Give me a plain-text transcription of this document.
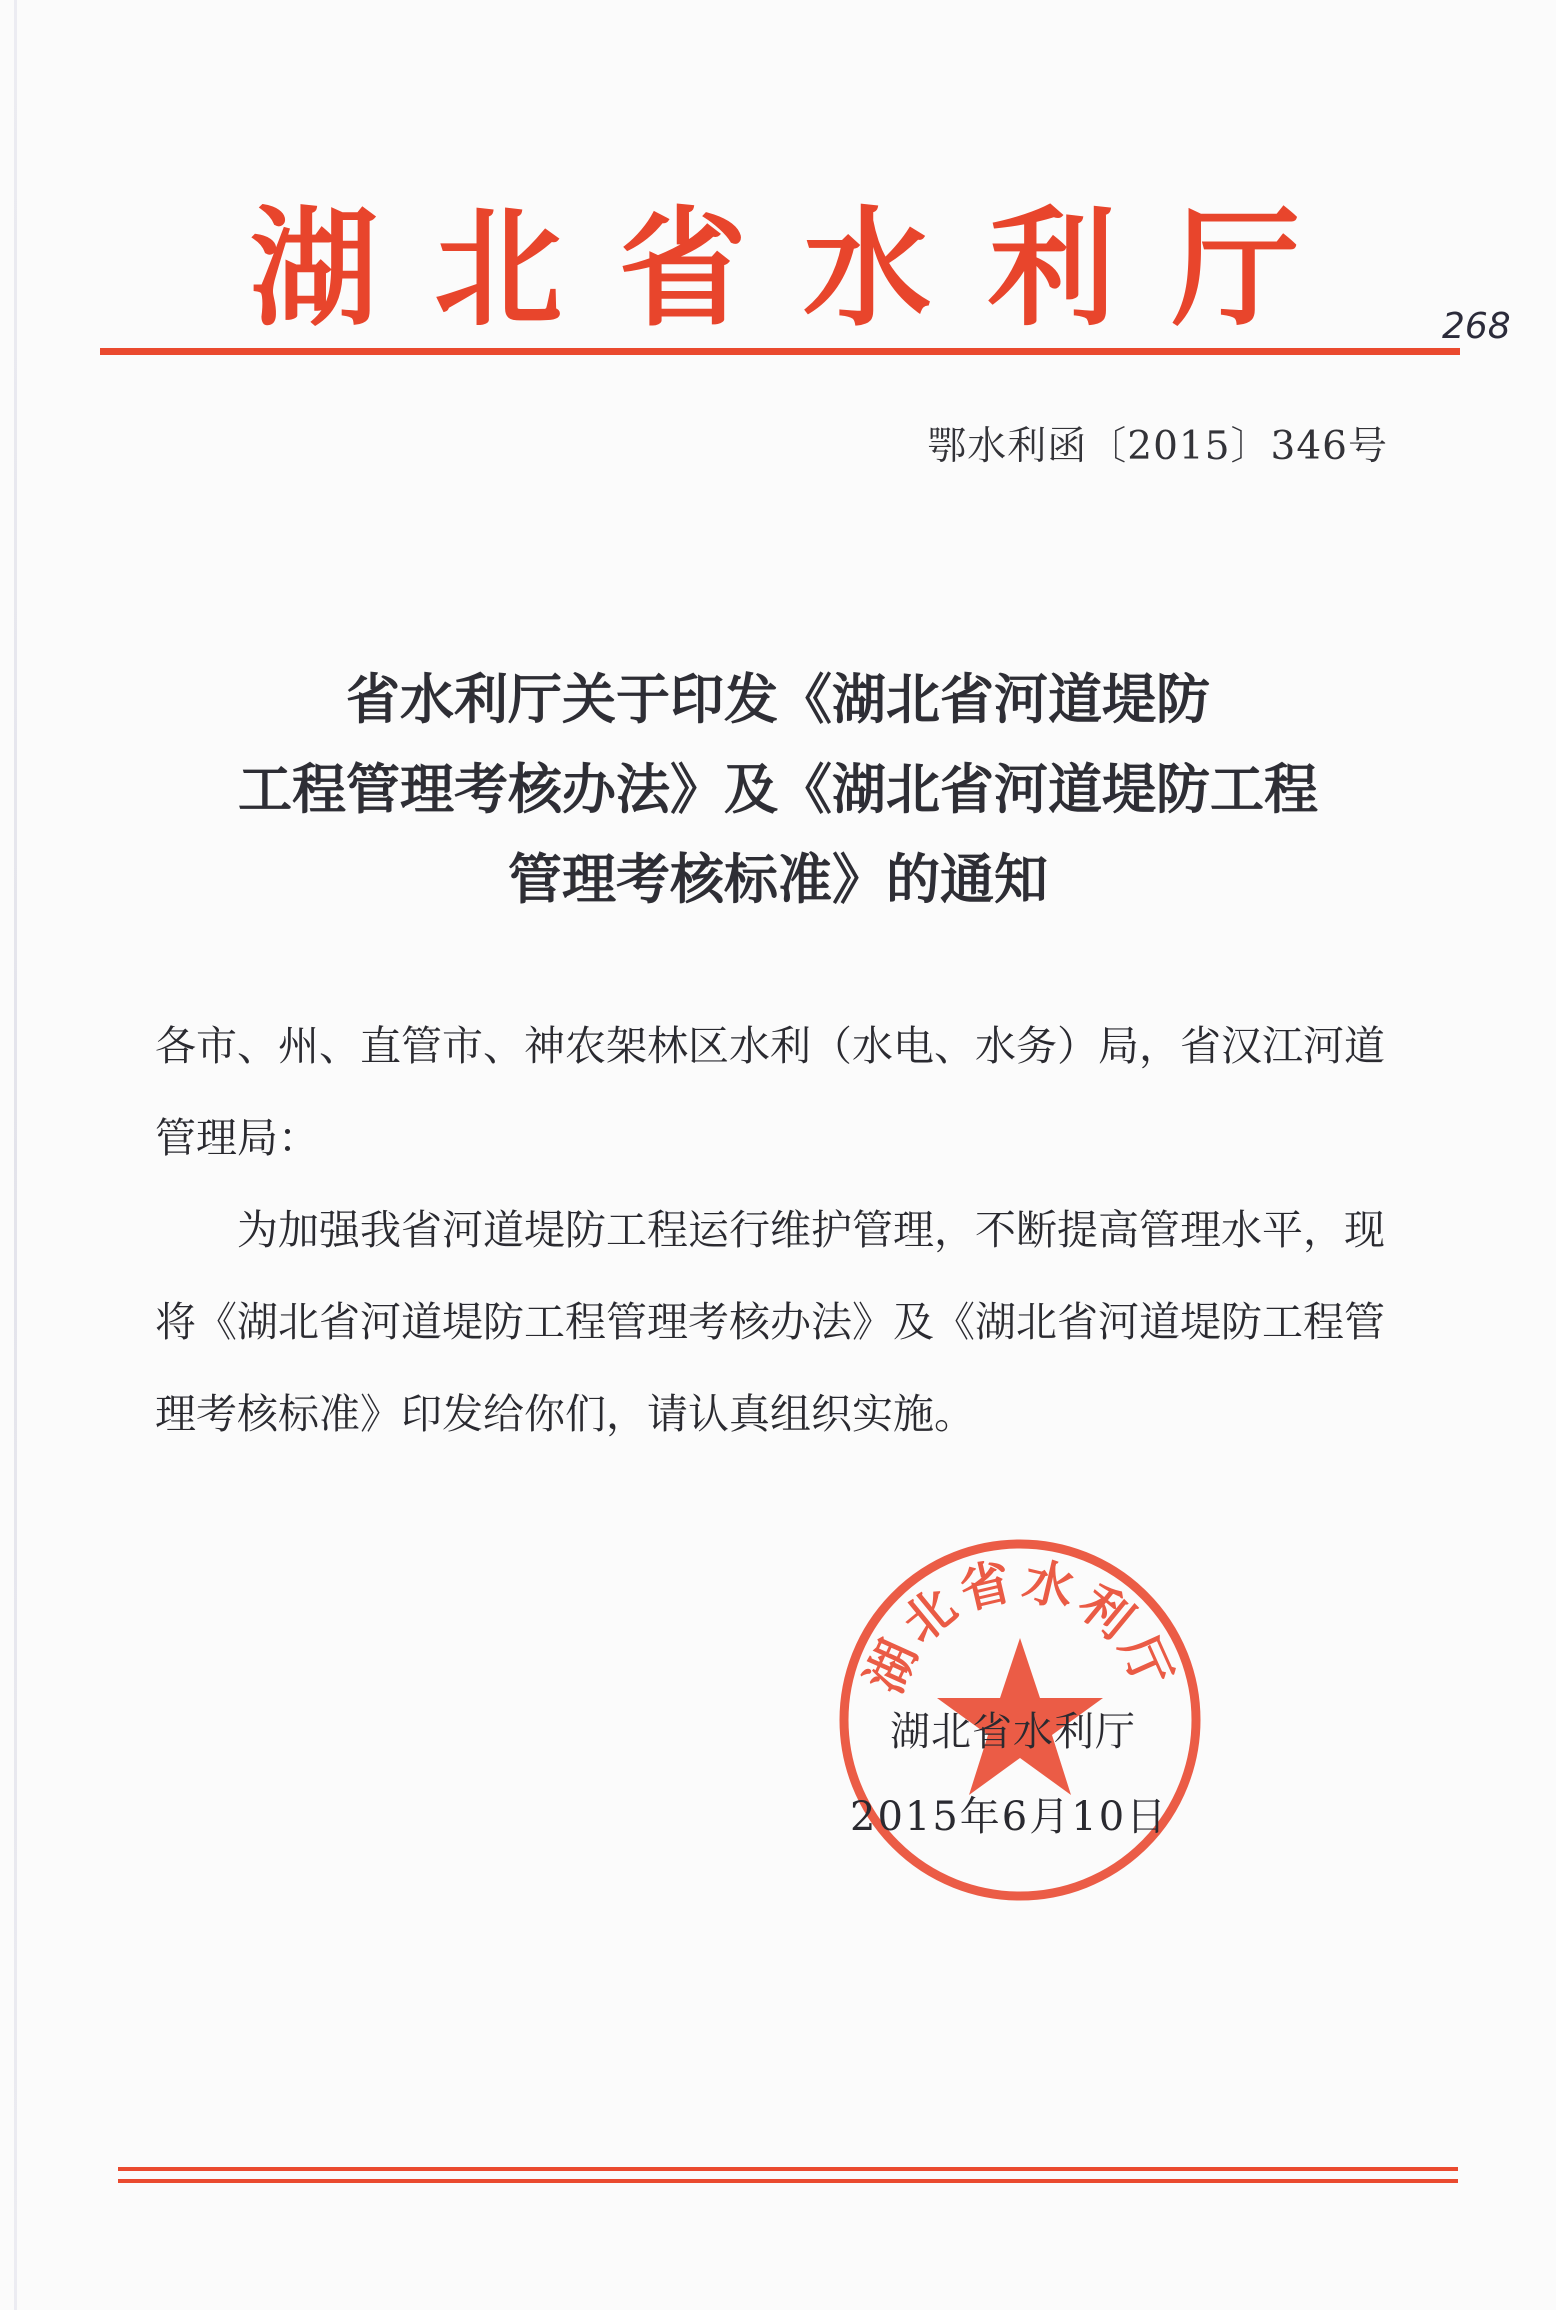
湖 北 省 水 利 厅	268
鄂水利函〔2015〕346号
省水利厅关于印发《湖北省河道堤防
工程管理考核办法》及《湖北省河道堤防工程
管理考核标准》的通知

各市、州、直管市、神农架林区水利（水电、水务）局，省汉江河道管理局：

为加强我省河道堤防工程运行维护管理，不断提高管理水平，现将《湖北省河道堤防工程管理考核办法》及《湖北省河道堤防工程管理考核标准》印发给你们，请认真组织实施。

湖北省水利厅
湖北省水利厅
2015年6月10日
